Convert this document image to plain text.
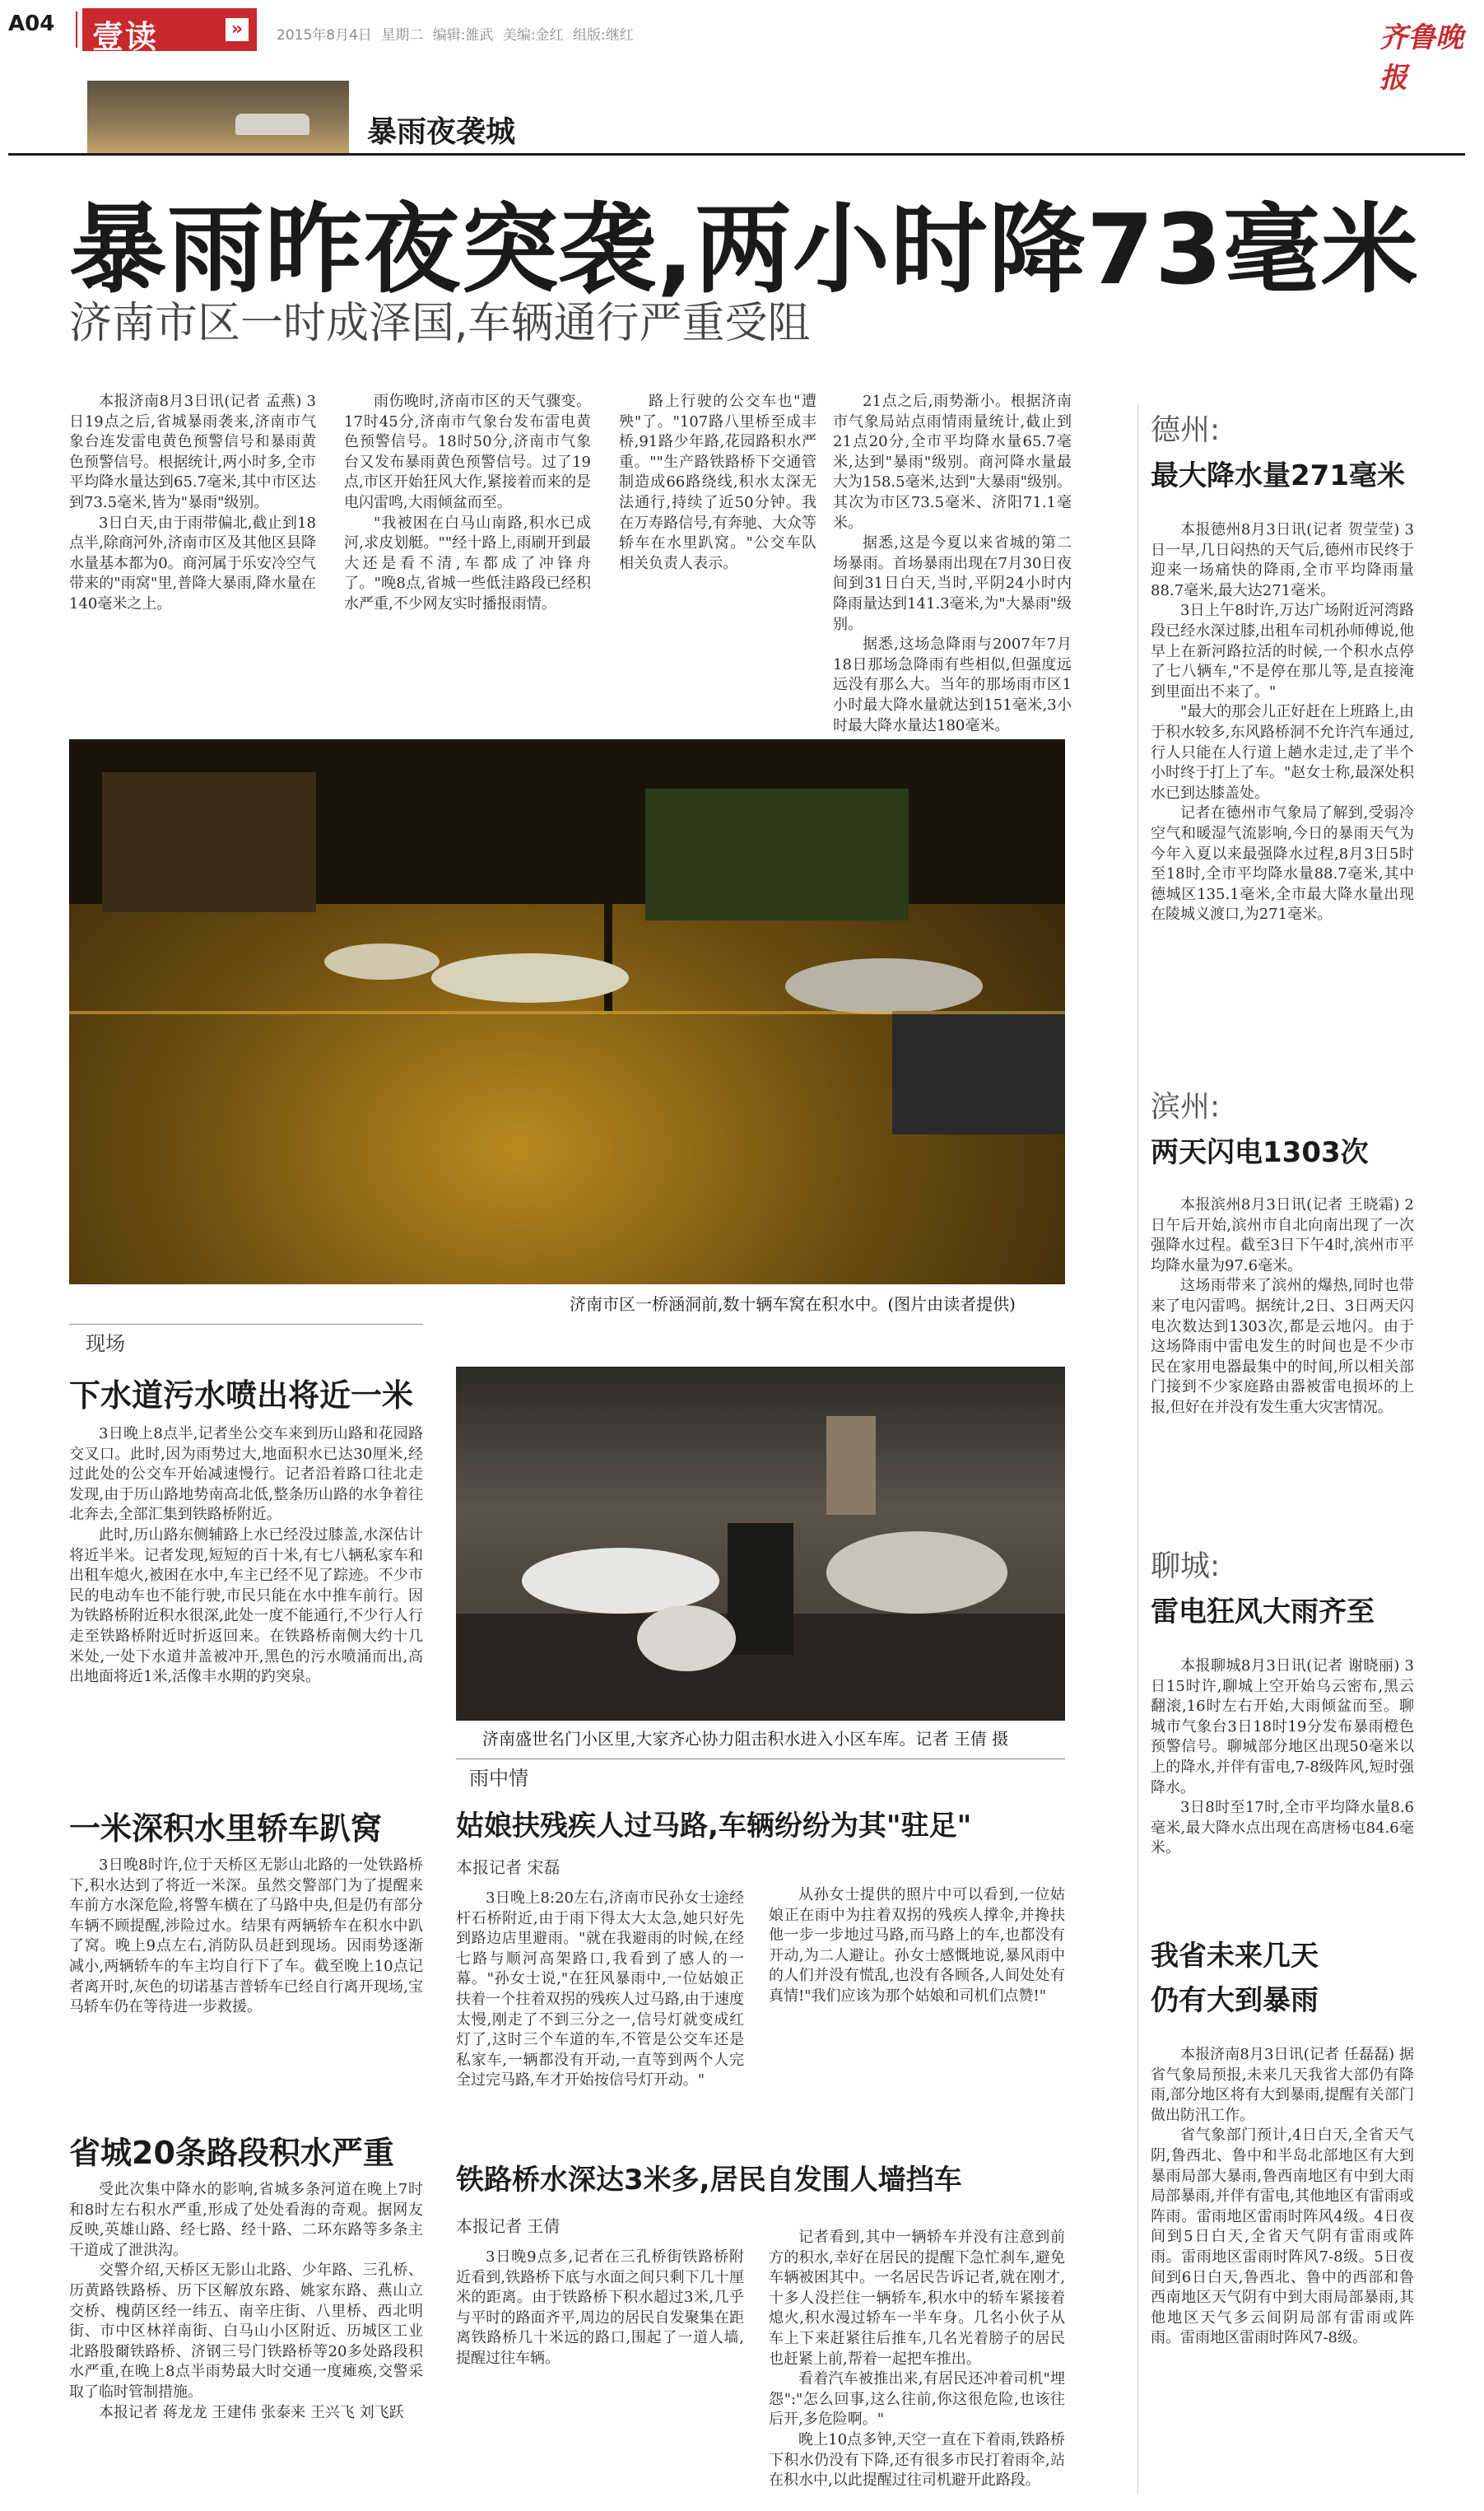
A04 壹读	»	2015年8月4日 星期二 编辑:雒武 美编:金红 组版:继红	齐鲁晚报
暴雨夜袭城
暴雨昨夜突袭,两小时降73毫米
济南市区一时成泽国,车辆通行严重受阻

本报济南8月3日讯(记者 孟燕) 3日19点之后,省城暴雨袭来,济南市气象台连发雷电黄色预警信号和暴雨黄色预警信号。根据统计,两小时多,全市平均降水量达到65.7毫米,其中市区达到73.5毫米,皆为"暴雨"级别。

3日白天,由于雨带偏北,截止到18点半,除商河外,济南市区及其他区县降水量基本都为0。商河属于乐安冷空气带来的"雨窝"里,普降大暴雨,降水量在140毫米之上。

雨伤晚时,济南市区的天气骤变。17时45分,济南市气象台发布雷电黄色预警信号。18时50分,济南市气象台又发布暴雨黄色预警信号。过了19点,市区开始狂风大作,紧接着而来的是电闪雷鸣,大雨倾盆而至。

"我被困在白马山南路,积水已成河,求皮划艇。""经十路上,雨刷开到最大还是看不清,车都成了冲锋舟了。"晚8点,省城一些低洼路段已经积水严重,不少网友实时播报雨情。

路上行驶的公交车也"遭殃"了。"107路八里桥至成丰桥,91路少年路,花园路积水严重。""生产路铁路桥下交通管制造成66路绕线,积水太深无法通行,持续了近50分钟。我在万寿路信号,有奔驰、大众等轿车在水里趴窝。"公交车队相关负责人表示。

21点之后,雨势渐小。根据济南市气象局站点雨情雨量统计,截止到21点20分,全市平均降水量65.7毫米,达到"暴雨"级别。商河降水量最大为158.5毫米,达到"大暴雨"级别。其次为市区73.5毫米、济阳71.1毫米。

据悉,这是今夏以来省城的第二场暴雨。首场暴雨出现在7月30日夜间到31日白天,当时,平阴24小时内降雨量达到141.3毫米,为"大暴雨"级别。

据悉,这场急降雨与2007年7月18日那场急降雨有些相似,但强度远远没有那么大。当年的那场雨市区1小时最大降水量就达到151毫米,3小时最大降水量达180毫米。

济南市区一桥涵洞前,数十辆车窝在积水中。(图片由读者提供)
现场
下水道污水喷出将近一米

3日晚上8点半,记者坐公交车来到历山路和花园路交叉口。此时,因为雨势过大,地面积水已达30厘米,经过此处的公交车开始减速慢行。记者沿着路口往北走发现,由于历山路地势南高北低,整条历山路的水争着往北奔去,全部汇集到铁路桥附近。

此时,历山路东侧辅路上水已经没过膝盖,水深估计将近半米。记者发现,短短的百十米,有七八辆私家车和出租车熄火,被困在水中,车主已经不见了踪迹。不少市民的电动车也不能行驶,市民只能在水中推车前行。因为铁路桥附近积水很深,此处一度不能通行,不少行人行走至铁路桥附近时折返回来。在铁路桥南侧大约十几米处,一处下水道井盖被冲开,黑色的污水喷涌而出,高出地面将近1米,活像丰水期的趵突泉。

一米深积水里轿车趴窝

3日晚8时许,位于天桥区无影山北路的一处铁路桥下,积水达到了将近一米深。虽然交警部门为了提醒来车前方水深危险,将警车横在了马路中央,但是仍有部分车辆不顾提醒,涉险过水。结果有两辆轿车在积水中趴了窝。晚上9点左右,消防队员赶到现场。因雨势逐渐减小,两辆轿车的车主均自行下了车。截至晚上10点记者离开时,灰色的切诺基吉普轿车已经自行离开现场,宝马轿车仍在等待进一步救援。

省城20条路段积水严重

受此次集中降水的影响,省城多条河道在晚上7时和8时左右积水严重,形成了处处看海的奇观。据网友反映,英雄山路、经七路、经十路、二环东路等多条主干道成了泄洪沟。

交警介绍,天桥区无影山北路、少年路、三孔桥、历黄路铁路桥、历下区解放东路、姚家东路、燕山立交桥、槐荫区经一纬五、南辛庄街、八里桥、西北明街、市中区林祥南街、白马山小区附近、历城区工业北路股爾铁路桥、济钢三号门铁路桥等20多处路段积水严重,在晚上8点半雨势最大时交通一度瘫痪,交警采取了临时管制措施。

本报记者 蒋龙龙 王建伟 张泰来 王兴飞 刘飞跃

济南盛世名门小区里,大家齐心协力阻击积水进入小区车库。记者 王倩 摄
雨中情
姑娘扶残疾人过马路,车辆纷纷为其"驻足"
本报记者 宋磊

3日晚上8:20左右,济南市民孙女士途经杆石桥附近,由于雨下得太大太急,她只好先到路边店里避雨。"就在我避雨的时候,在经七路与顺河高架路口,我看到了感人的一幕。"孙女士说,"在狂风暴雨中,一位姑娘正扶着一个拄着双拐的残疾人过马路,由于速度太慢,刚走了不到三分之一,信号灯就变成红灯了,这时三个车道的车,不管是公交车还是私家车,一辆都没有开动,一直等到两个人完全过完马路,车才开始按信号灯开动。"

从孙女士提供的照片中可以看到,一位姑娘正在雨中为拄着双拐的残疾人撑伞,并搀扶他一步一步地过马路,而马路上的车,也都没有开动,为二人避让。孙女士感慨地说,暴风雨中的人们并没有慌乱,也没有各顾各,人间处处有真情!"我们应该为那个姑娘和司机们点赞!"

铁路桥水深达3米多,居民自发围人墙挡车
本报记者 王倩

3日晚9点多,记者在三孔桥街铁路桥附近看到,铁路桥下底与水面之间只剩下几十厘米的距离。由于铁路桥下积水超过3米,几乎与平时的路面齐平,周边的居民自发聚集在距离铁路桥几十米远的路口,围起了一道人墙,提醒过往车辆。

记者看到,其中一辆轿车并没有注意到前方的积水,幸好在居民的提醒下急忙刹车,避免车辆被困其中。一名居民告诉记者,就在刚才,十多人没拦住一辆轿车,积水中的轿车紧接着熄火,积水漫过轿车一半车身。几名小伙子从车上下来赶紧往后推车,几名光着膀子的居民也赶紧上前,帮着一起把车推出。

看着汽车被推出来,有居民还冲着司机"埋怨":"怎么回事,这么往前,你这很危险,也该往后开,多危险啊。"

晚上10点多钟,天空一直在下着雨,铁路桥下积水仍没有下降,还有很多市民打着雨伞,站在积水中,以此提醒过往司机避开此路段。

德州:
最大降水量271毫米

本报德州8月3日讯(记者 贺莹莹) 3日一早,几日闷热的天气后,德州市民终于迎来一场痛快的降雨,全市平均降雨量88.7毫米,最大达271毫米。

3日上午8时许,万达广场附近河湾路段已经水深过膝,出租车司机孙师傅说,他早上在新河路拉活的时候,一个积水点停了七八辆车,"不是停在那儿等,是直接淹到里面出不来了。"

"最大的那会儿正好赶在上班路上,由于积水较多,东风路桥洞不允许汽车通过,行人只能在人行道上趟水走过,走了半个小时终于打上了车。"赵女士称,最深处积水已到达膝盖处。

记者在德州市气象局了解到,受弱冷空气和暖湿气流影响,今日的暴雨天气为今年入夏以来最强降水过程,8月3日5时至18时,全市平均降水量88.7毫米,其中德城区135.1毫米,全市最大降水量出现在陵城义渡口,为271毫米。

滨州:
两天闪电1303次

本报滨州8月3日讯(记者 王晓霜) 2日午后开始,滨州市自北向南出现了一次强降水过程。截至3日下午4时,滨州市平均降水量为97.6毫米。

这场雨带来了滨州的爆热,同时也带来了电闪雷鸣。据统计,2日、3日两天闪电次数达到1303次,都是云地闪。由于这场降雨中雷电发生的时间也是不少市民在家用电器最集中的时间,所以相关部门接到不少家庭路由器被雷电损坏的上报,但好在并没有发生重大灾害情况。

聊城:
雷电狂风大雨齐至

本报聊城8月3日讯(记者 谢晓丽) 3日15时许,聊城上空开始乌云密布,黑云翻滚,16时左右开始,大雨倾盆而至。聊城市气象台3日18时19分发布暴雨橙色预警信号。聊城部分地区出现50毫米以上的降水,并伴有雷电,7-8级阵风,短时强降水。

3日8时至17时,全市平均降水量8.6毫米,最大降水点出现在高唐杨屯84.6毫米。

我省未来几天
仍有大到暴雨

本报济南8月3日讯(记者 任磊磊) 据省气象局预报,未来几天我省大部仍有降雨,部分地区将有大到暴雨,提醒有关部门做出防汛工作。

省气象部门预计,4日白天,全省天气阴,鲁西北、鲁中和半岛北部地区有大到暴雨局部大暴雨,鲁西南地区有中到大雨局部暴雨,并伴有雷电,其他地区有雷雨或阵雨。雷雨地区雷雨时阵风4级。4日夜间到5日白天,全省天气阴有雷雨或阵雨。雷雨地区雷雨时阵风7-8级。5日夜间到6日白天,鲁西北、鲁中的西部和鲁西南地区天气阴有中到大雨局部暴雨,其他地区天气多云间阴局部有雷雨或阵雨。雷雨地区雷雨时阵风7-8级。
